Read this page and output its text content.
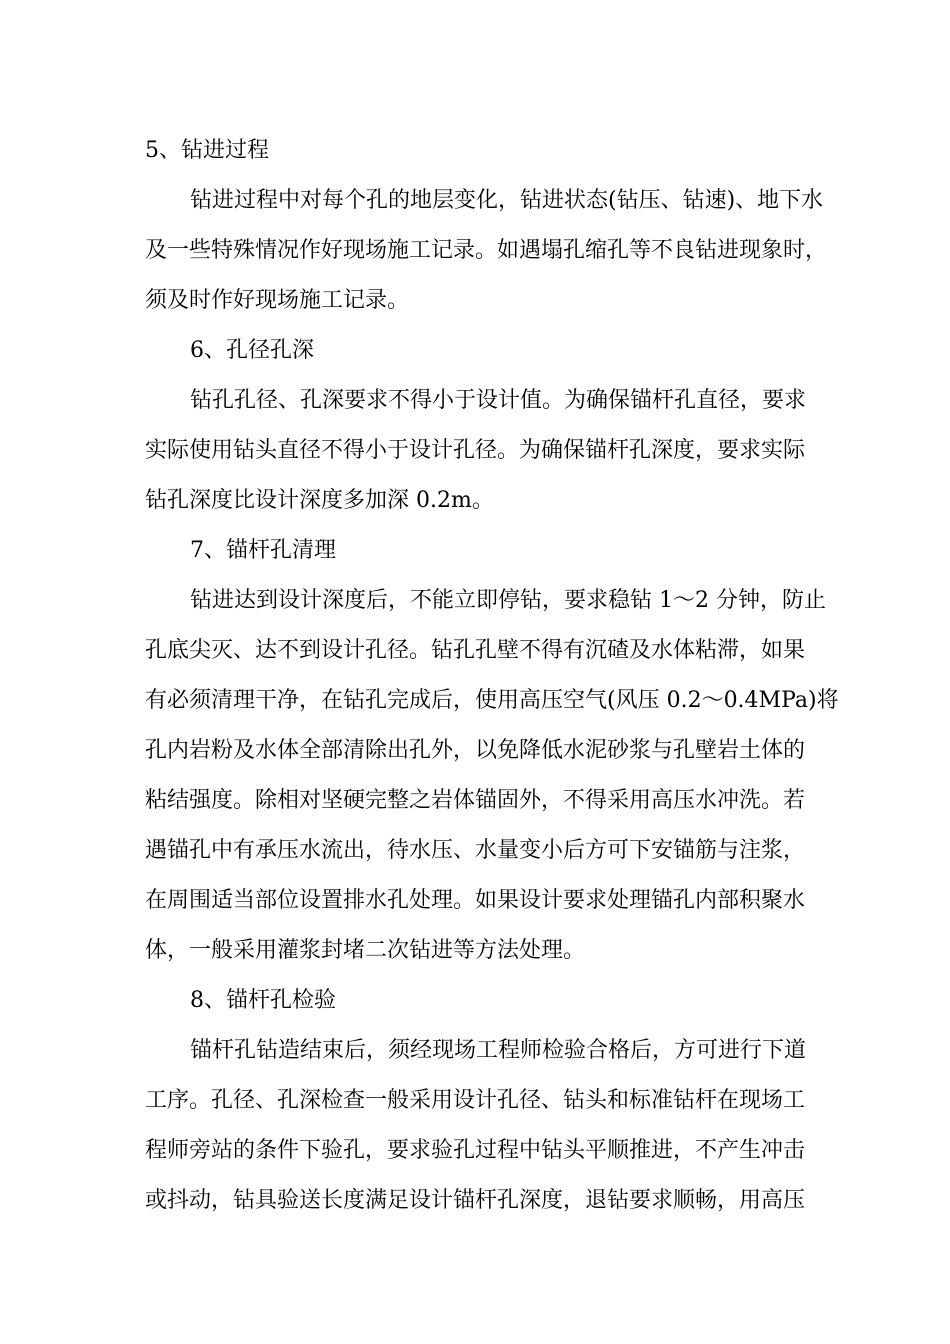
5、钻进过程
钻进过程中对每个孔的地层变化，钻进状态(钻压、钻速)、地下水
及一些特殊情况作好现场施工记录。如遇塌孔缩孔等不良钻进现象时，
须及时作好现场施工记录。
6、孔径孔深
钻孔孔径、孔深要求不得小于设计值。为确保锚杆孔直径，要求
实际使用钻头直径不得小于设计孔径。为确保锚杆孔深度，要求实际
钻孔深度比设计深度多加深 0.2m。
7、锚杆孔清理
钻进达到设计深度后，不能立即停钻，要求稳钻 1～2 分钟，防止
孔底尖灭、达不到设计孔径。钻孔孔壁不得有沉碴及水体粘滞，如果
有必须清理干净，在钻孔完成后，使用高压空气(风压 0.2～0.4MPa)将
孔内岩粉及水体全部清除出孔外，以免降低水泥砂浆与孔壁岩土体的
粘结强度。除相对坚硬完整之岩体锚固外，不得采用高压水冲洗。若
遇锚孔中有承压水流出，待水压、水量变小后方可下安锚筋与注浆，
在周围适当部位设置排水孔处理。如果设计要求处理锚孔内部积聚水
体，一般采用灌浆封堵二次钻进等方法处理。
8、锚杆孔检验
锚杆孔钻造结束后，须经现场工程师检验合格后，方可进行下道
工序。孔径、孔深检查一般采用设计孔径、钻头和标准钻杆在现场工
程师旁站的条件下验孔，要求验孔过程中钻头平顺推进，不产生冲击
或抖动，钻具验送长度满足设计锚杆孔深度，退钻要求顺畅，用高压
